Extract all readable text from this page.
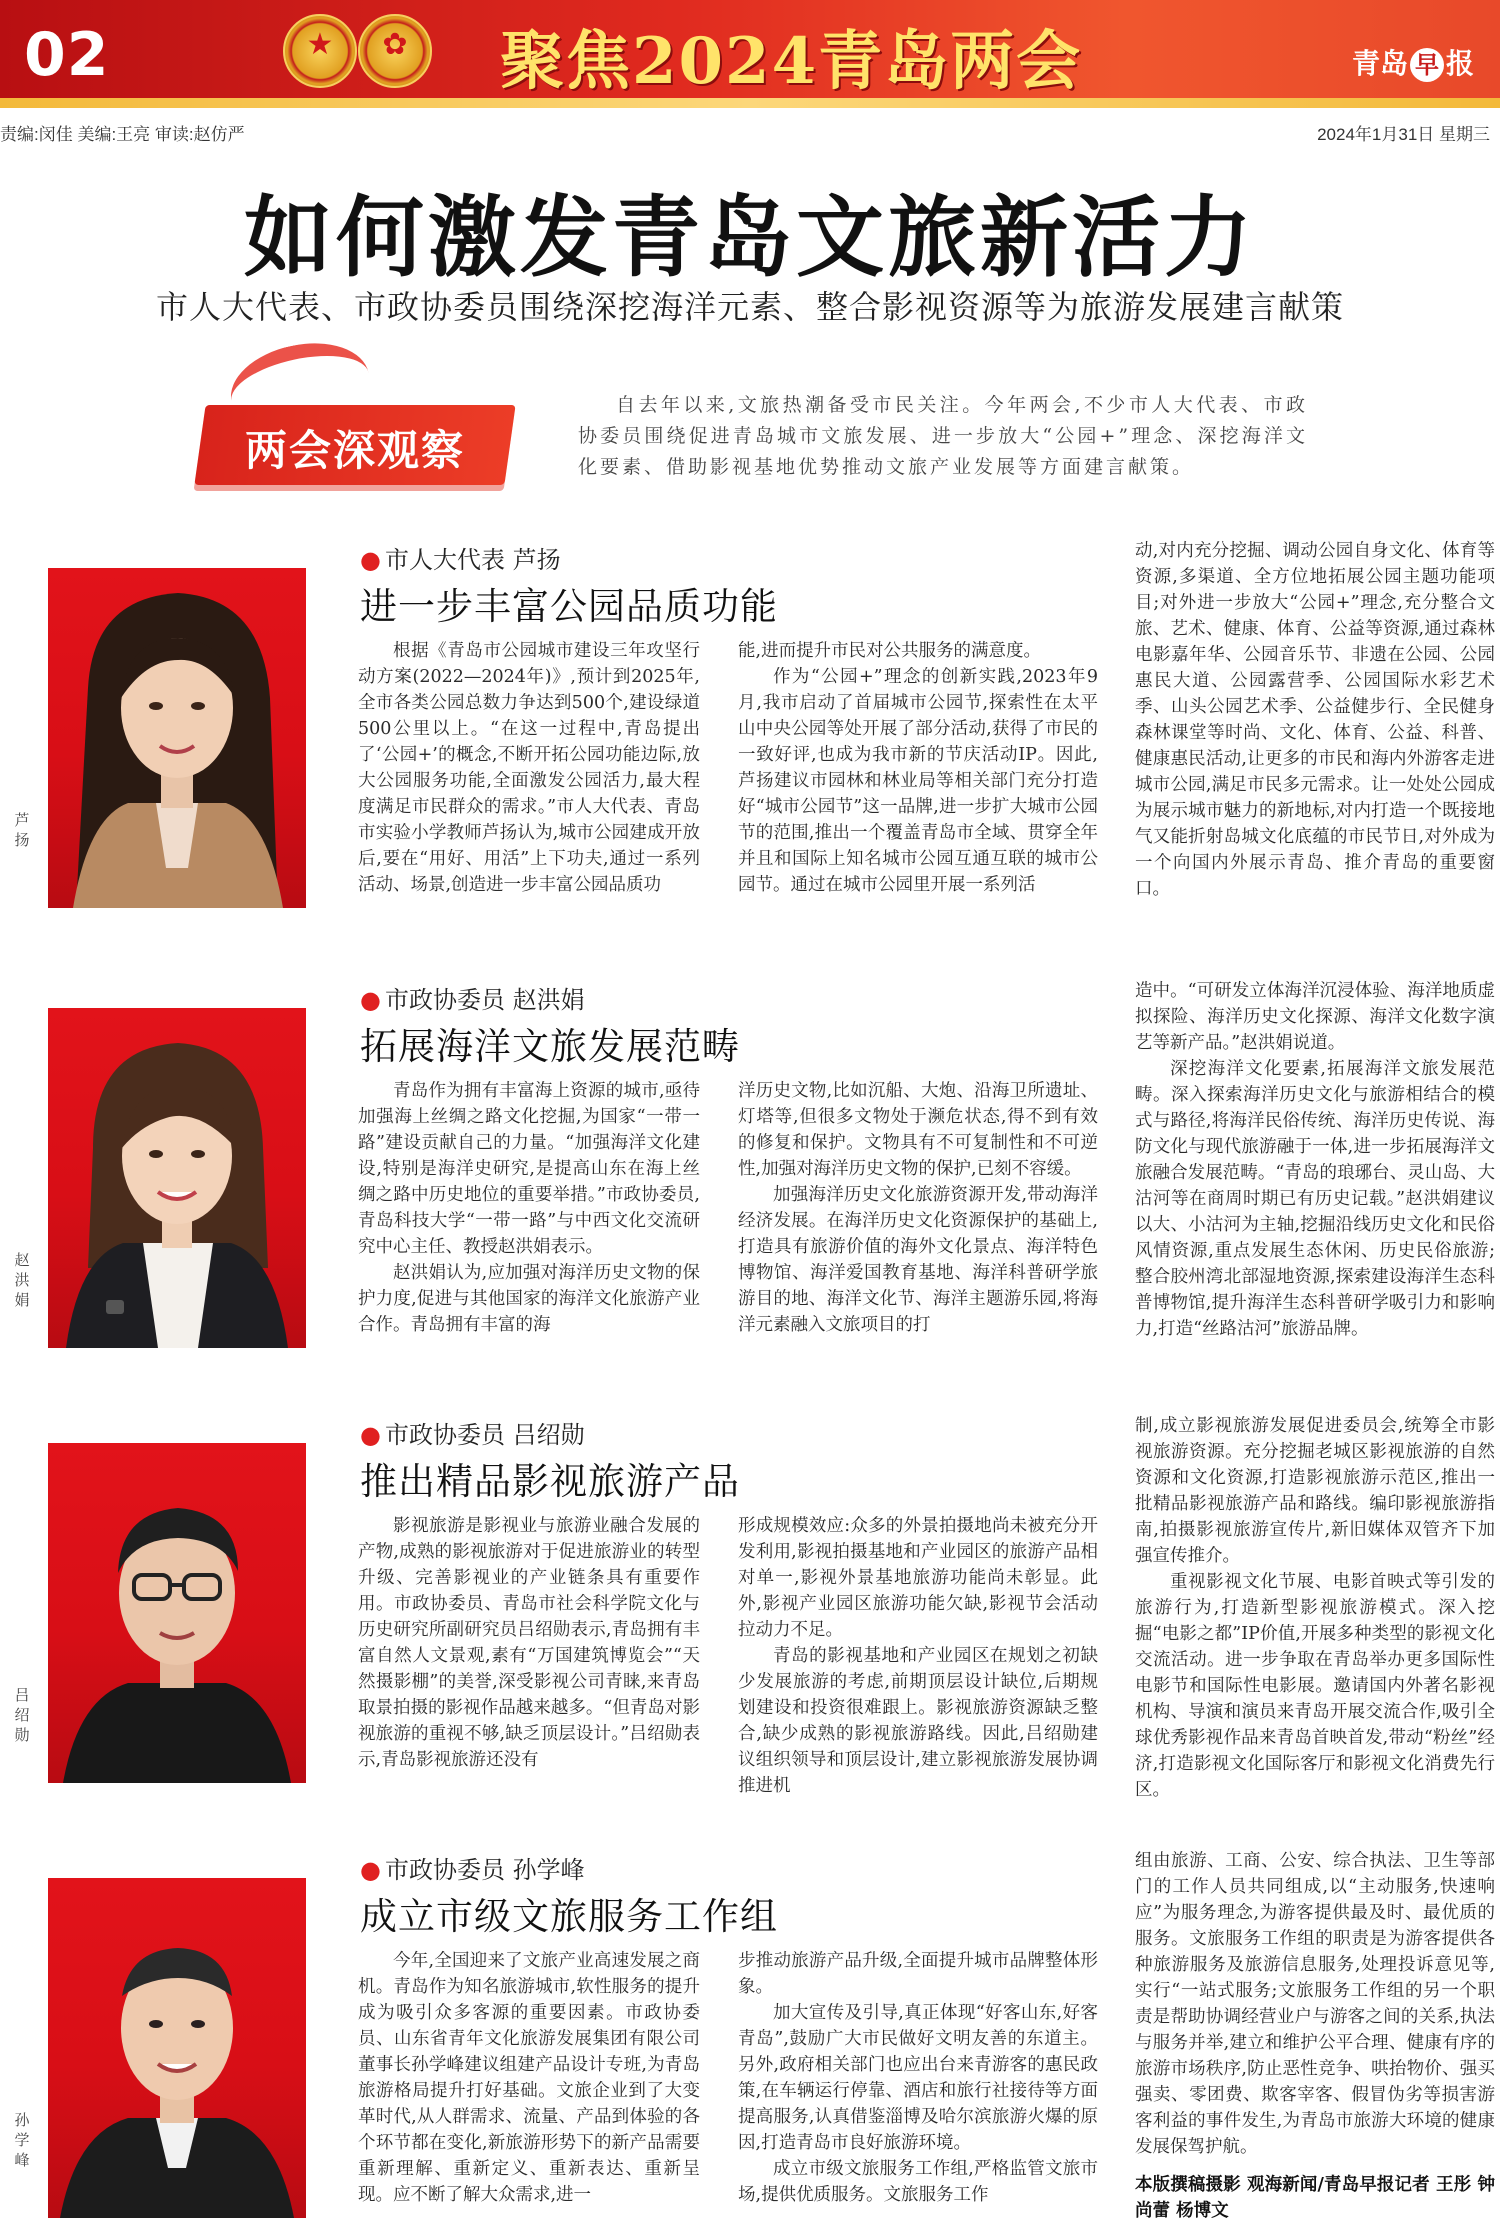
02	★	✿	聚焦2024青岛两会	青岛 早 报
责编:闵佳 美编:王亮 审读:赵仿严	2024年1月31日 星期三
如何激发青岛文旅新活力
市人大代表、市政协委员围绕深挖海洋元素、整合影视资源等为旅游发展建言献策
两会深观察
自去年以来,文旅热潮备受市民关注。今年两会,不少市人大代表、市政协委员围绕促进青岛城市文旅发展、进一步放大“公园+”理念、深挖海洋文化要素、借助影视基地优势推动文旅产业发展等方面建言献策。
芦
扬
● 市人大代表 芦扬
进一步丰富公园品质功能

根据《青岛市公园城市建设三年攻坚行动方案(2022—2024年)》,预计到2025年,全市各类公园总数力争达到500个,建设绿道500公里以上。“在这一过程中,青岛提出了‘公园+’的概念,不断开拓公园功能边际,放大公园服务功能,全面激发公园活力,最大程度满足市民群众的需求。”市人大代表、青岛市实验小学教师芦扬认为,城市公园建成开放后,要在“用好、用活”上下功夫,通过一系列活动、场景,创造进一步丰富公园品质功

能,进而提升市民对公共服务的满意度。

作为“公园+”理念的创新实践,2023年9月,我市启动了首届城市公园节,探索性在太平山中央公园等处开展了部分活动,获得了市民的一致好评,也成为我市新的节庆活动IP。因此,芦扬建议市园林和林业局等相关部门充分打造好“城市公园节”这一品牌,进一步扩大城市公园节的范围,推出一个覆盖青岛市全域、贯穿全年并且和国际上知名城市公园互通互联的城市公园节。通过在城市公园里开展一系列活

动,对内充分挖掘、调动公园自身文化、体育等资源,多渠道、全方位地拓展公园主题功能项目;对外进一步放大“公园+”理念,充分整合文旅、艺术、健康、体育、公益等资源,通过森林电影嘉年华、公园音乐节、非遗在公园、公园惠民大道、公园露营季、公园国际水彩艺术季、山头公园艺术季、公益健步行、全民健身森林课堂等时尚、文化、体育、公益、科普、健康惠民活动,让更多的市民和海内外游客走进城市公园,满足市民多元需求。让一处处公园成为展示城市魅力的新地标,对内打造一个既接地气又能折射岛城文化底蕴的市民节日,对外成为一个向国内外展示青岛、推介青岛的重要窗口。

赵
洪
娟
● 市政协委员 赵洪娟
拓展海洋文旅发展范畴

青岛作为拥有丰富海上资源的城市,亟待加强海上丝绸之路文化挖掘,为国家“一带一路”建设贡献自己的力量。“加强海洋文化建设,特别是海洋史研究,是提高山东在海上丝绸之路中历史地位的重要举措。”市政协委员,青岛科技大学“一带一路”与中西文化交流研究中心主任、教授赵洪娟表示。

赵洪娟认为,应加强对海洋历史文物的保护力度,促进与其他国家的海洋文化旅游产业合作。青岛拥有丰富的海

洋历史文物,比如沉船、大炮、沿海卫所遗址、灯塔等,但很多文物处于濒危状态,得不到有效的修复和保护。文物具有不可复制性和不可逆性,加强对海洋历史文物的保护,已刻不容缓。

加强海洋历史文化旅游资源开发,带动海洋经济发展。在海洋历史文化资源保护的基础上,打造具有旅游价值的海外文化景点、海洋特色博物馆、海洋爱国教育基地、海洋科普研学旅游目的地、海洋文化节、海洋主题游乐园,将海洋元素融入文旅项目的打

造中。“可研发立体海洋沉浸体验、海洋地质虚拟探险、海洋历史文化探源、海洋文化数字演艺等新产品。”赵洪娟说道。

深挖海洋文化要素,拓展海洋文旅发展范畴。深入探索海洋历史文化与旅游相结合的模式与路径,将海洋民俗传统、海洋历史传说、海防文化与现代旅游融于一体,进一步拓展海洋文旅融合发展范畴。“青岛的琅琊台、灵山岛、大沽河等在商周时期已有历史记载。”赵洪娟建议以大、小沽河为主轴,挖掘沿线历史文化和民俗风情资源,重点发展生态休闲、历史民俗旅游;整合胶州湾北部湿地资源,探索建设海洋生态科普博物馆,提升海洋生态科普研学吸引力和影响力,打造“丝路沽河”旅游品牌。

吕
绍
勋
● 市政协委员 吕绍勋
推出精品影视旅游产品

影视旅游是影视业与旅游业融合发展的产物,成熟的影视旅游对于促进旅游业的转型升级、完善影视业的产业链条具有重要作用。市政协委员、青岛市社会科学院文化与历史研究所副研究员吕绍勋表示,青岛拥有丰富自然人文景观,素有“万国建筑博览会”“天然摄影棚”的美誉,深受影视公司青睐,来青岛取景拍摄的影视作品越来越多。“但青岛对影视旅游的重视不够,缺乏顶层设计。”吕绍勋表示,青岛影视旅游还没有

形成规模效应:众多的外景拍摄地尚未被充分开发利用,影视拍摄基地和产业园区的旅游产品相对单一,影视外景基地旅游功能尚未彰显。此外,影视产业园区旅游功能欠缺,影视节会活动拉动力不足。

青岛的影视基地和产业园区在规划之初缺少发展旅游的考虑,前期顶层设计缺位,后期规划建设和投资很难跟上。影视旅游资源缺乏整合,缺少成熟的影视旅游路线。因此,吕绍勋建议组织领导和顶层设计,建立影视旅游发展协调推进机

制,成立影视旅游发展促进委员会,统筹全市影视旅游资源。充分挖掘老城区影视旅游的自然资源和文化资源,打造影视旅游示范区,推出一批精品影视旅游产品和路线。编印影视旅游指南,拍摄影视旅游宣传片,新旧媒体双管齐下加强宣传推介。

重视影视文化节展、电影首映式等引发的旅游行为,打造新型影视旅游模式。深入挖掘“电影之都”IP价值,开展多种类型的影视文化交流活动。进一步争取在青岛举办更多国际性电影节和国际性电影展。邀请国内外著名影视机构、导演和演员来青岛开展交流合作,吸引全球优秀影视作品来青岛首映首发,带动“粉丝”经济,打造影视文化国际客厅和影视文化消费先行区。

孙
学
峰
● 市政协委员 孙学峰
成立市级文旅服务工作组

今年,全国迎来了文旅产业高速发展之商机。青岛作为知名旅游城市,软性服务的提升成为吸引众多客源的重要因素。市政协委员、山东省青年文化旅游发展集团有限公司董事长孙学峰建议组建产品设计专班,为青岛旅游格局提升打好基础。文旅企业到了大变革时代,从人群需求、流量、产品到体验的各个环节都在变化,新旅游形势下的新产品需要重新理解、重新定义、重新表达、重新呈现。应不断了解大众需求,进一

步推动旅游产品升级,全面提升城市品牌整体形象。

加大宣传及引导,真正体现“好客山东,好客青岛”,鼓励广大市民做好文明友善的东道主。另外,政府相关部门也应出台来青游客的惠民政策,在车辆运行停靠、酒店和旅行社接待等方面提高服务,认真借鉴淄博及哈尔滨旅游火爆的原因,打造青岛市良好旅游环境。

成立市级文旅服务工作组,严格监管文旅市场,提供优质服务。文旅服务工作

组由旅游、工商、公安、综合执法、卫生等部门的工作人员共同组成,以“主动服务,快速响应”为服务理念,为游客提供最及时、最优质的服务。文旅服务工作组的职责是为游客提供各种旅游服务及旅游信息服务,处理投诉意见等,实行“一站式服务;文旅服务工作组的另一个职责是帮助协调经营业户与游客之间的关系,执法与服务并举,建立和维护公平合理、健康有序的旅游市场秩序,防止恶性竞争、哄抬物价、强买强卖、零团费、欺客宰客、假冒伪劣等损害游客利益的事件发生,为青岛市旅游大环境的健康发展保驾护航。

本版撰稿摄影 观海新闻/青岛早报记者 王彤 钟尚蕾 杨博文
